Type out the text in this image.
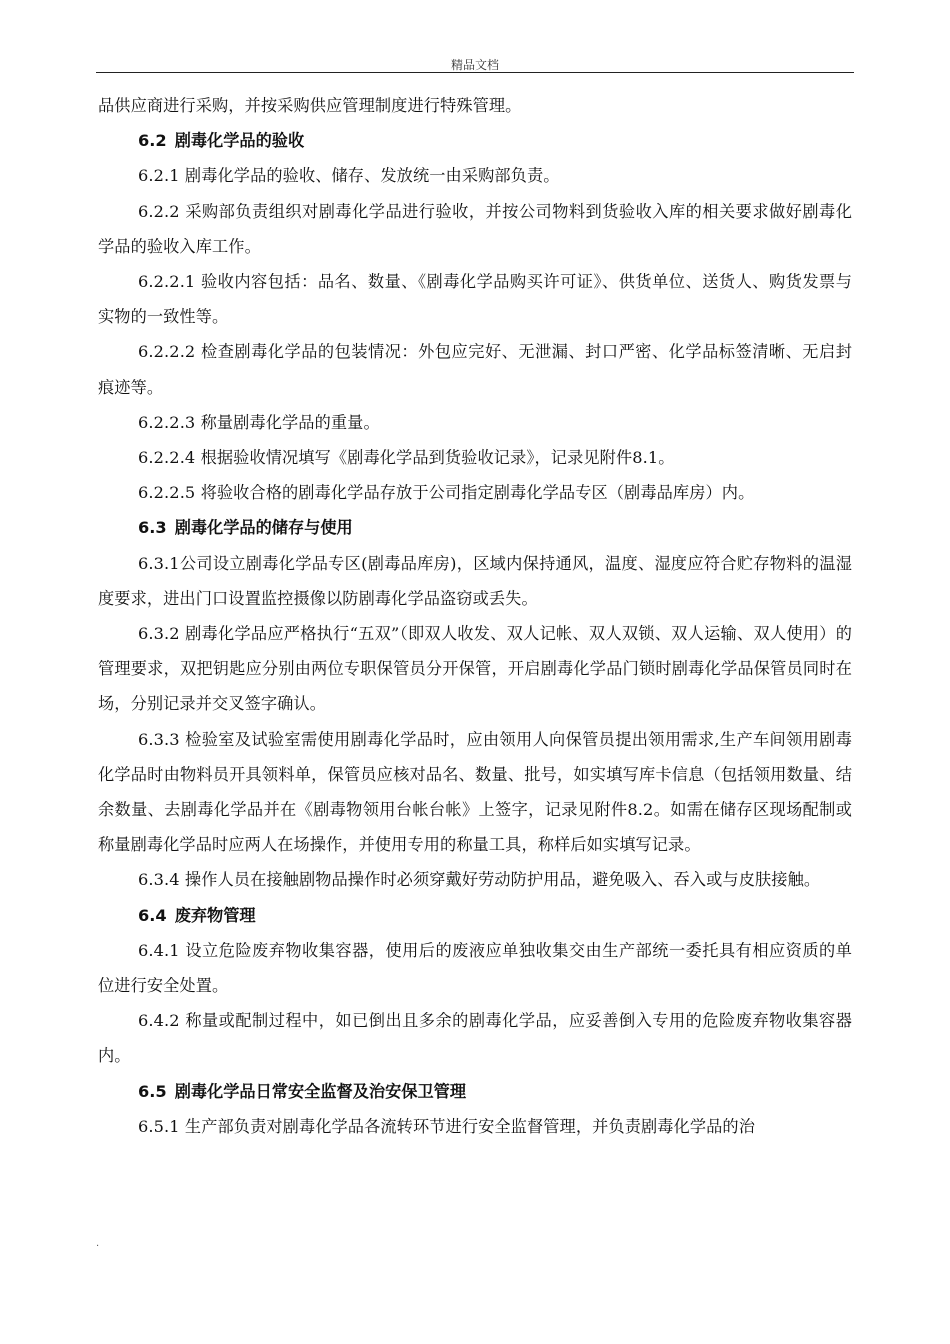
精品文档

品供应商进行采购，并按采购供应管理制度进行特殊管理。

6.2 剧毒化学品的验收

6.2.1 剧毒化学品的验收、储存、发放统一由采购部负责。

6.2.2 采购部负责组织对剧毒化学品进行验收，并按公司物料到货验收入库的相关要求做好剧毒化学品的验收入库工作。

6.2.2.1 验收内容包括：品名、数量、《剧毒化学品购买许可证》、供货单位、送货人、购货发票与实物的一致性等。

6.2.2.2 检查剧毒化学品的包装情况：外包应完好、无泄漏、封口严密、化学品标签清晰、无启封痕迹等。

6.2.2.3 称量剧毒化学品的重量。

6.2.2.4 根据验收情况填写《剧毒化学品到货验收记录》，记录见附件8.1。

6.2.2.5 将验收合格的剧毒化学品存放于公司指定剧毒化学品专区（剧毒品库房）内。

6.3 剧毒化学品的储存与使用

6.3.1公司设立剧毒化学品专区(剧毒品库房)，区域内保持通风，温度、湿度应符合贮存物料的温湿度要求，进出门口设置监控摄像以防剧毒化学品盗窃或丢失。

6.3.2 剧毒化学品应严格执行“五双”（即双人收发、双人记帐、双人双锁、双人运输、双人使用）的管理要求，双把钥匙应分别由两位专职保管员分开保管，开启剧毒化学品门锁时剧毒化学品保管员同时在场，分别记录并交叉签字确认。

6.3.3 检验室及试验室需使用剧毒化学品时，应由领用人向保管员提出领用需求,生产车间领用剧毒化学品时由物料员开具领料单，保管员应核对品名、数量、批号，如实填写库卡信息（包括领用数量、结余数量、去剧毒化学品并在《剧毒物领用台帐台帐》上签字，记录见附件8.2。如需在储存区现场配制或称量剧毒化学品时应两人在场操作，并使用专用的称量工具，称样后如实填写记录。

6.3.4 操作人员在接触剧物品操作时必须穿戴好劳动防护用品，避免吸入、吞入或与皮肤接触。

6.4 废弃物管理

6.4.1 设立危险废弃物收集容器，使用后的废液应单独收集交由生产部统一委托具有相应资质的单位进行安全处置。

6.4.2 称量或配制过程中，如已倒出且多余的剧毒化学品，应妥善倒入专用的危险废弃物收集容器内。

6.5 剧毒化学品日常安全监督及治安保卫管理

6.5.1 生产部负责对剧毒化学品各流转环节进行安全监督管理，并负责剧毒化学品的治

.
